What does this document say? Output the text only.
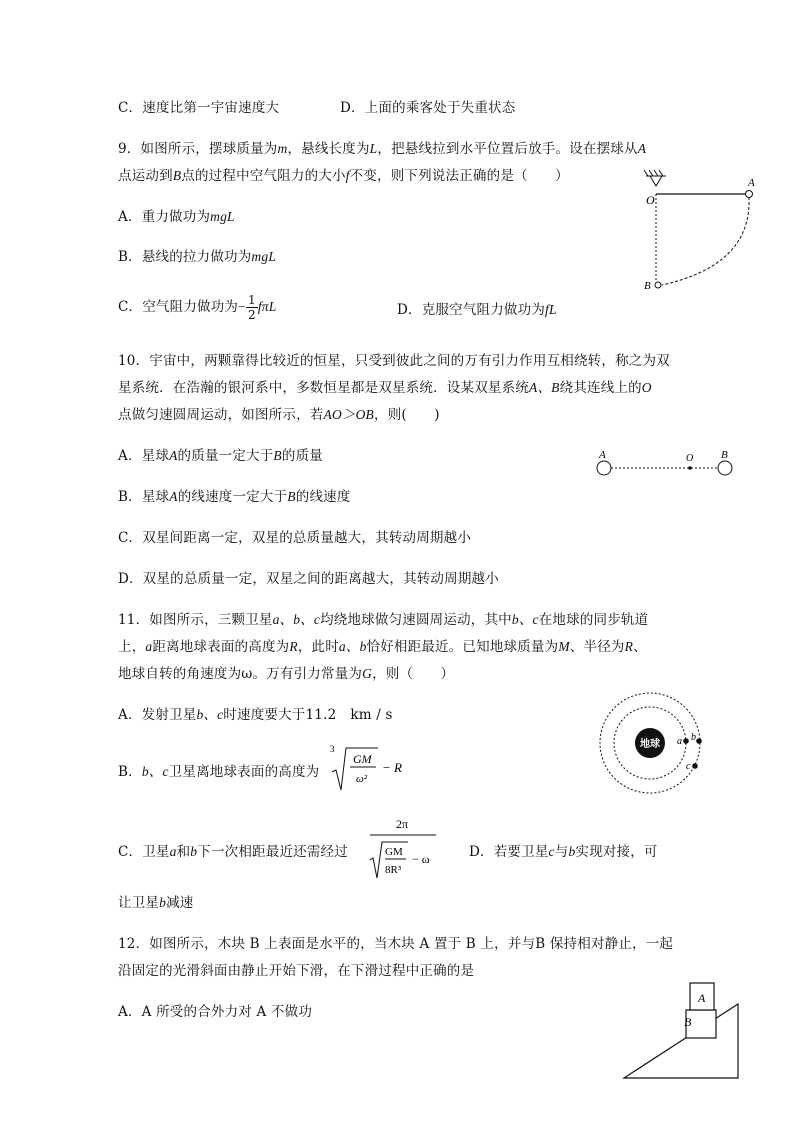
C．速度比第一宇宙速度大	D．上面的乘客处于失重状态
9．如图所示，摆球质量为m，悬线长度为L，把悬线拉到水平位置后放手。设在摆球从A
点运动到B点的过程中空气阻力的大小f不变，则下列说法正确的是（　　）
A．重力做功为mgL
B．悬线的拉力做功为mgL
C．空气阻力做功为− $\frac{1}{2}$ fπL	D．克服空气阻力做功为fL
O
A
B
10．宇宙中，两颗靠得比较近的恒星，只受到彼此之间的万有引力作用互相绕转，称之为双
星系统．在浩瀚的银河系中，多数恒星都是双星系统．设某双星系统A、B绕其连线上的O
点做匀速圆周运动，如图所示，若AO＞OB，则(　　)
A．星球A的质量一定大于B的质量
B．星球A的线速度一定大于B的线速度
C．双星间距离一定，双星的总质量越大，其转动周期越小
D．双星的总质量一定，双星之间的距离越大，其转动周期越小
A	O	B
11．如图所示，三颗卫星a、b、c均绕地球做匀速圆周运动，其中b、c在地球的同步轨道
上，a距离地球表面的高度为R，此时a、b恰好相距最近。已知地球质量为M、半径为R、
地球自转的角速度为ω。万有引力常量为G，则（　　）
A．发射卫星b、c时速度要大于11.2 km / s
B．b、c卫星离地球表面的高度为
3
GM
ω²
− R
C．卫星a和b下一次相距最近还需经过
2π
GM
8R³
− ω	D．若要卫星c与b实现对接，可
让卫星b减速
地球 a b
c
12．如图所示，木块 B 上表面是水平的，当木块 A 置于 B 上，并与B 保持相对静止，一起
沿固定的光滑斜面由静止开始下滑，在下滑过程中正确的是
A．A 所受的合外力对 A 不做功
A
B
